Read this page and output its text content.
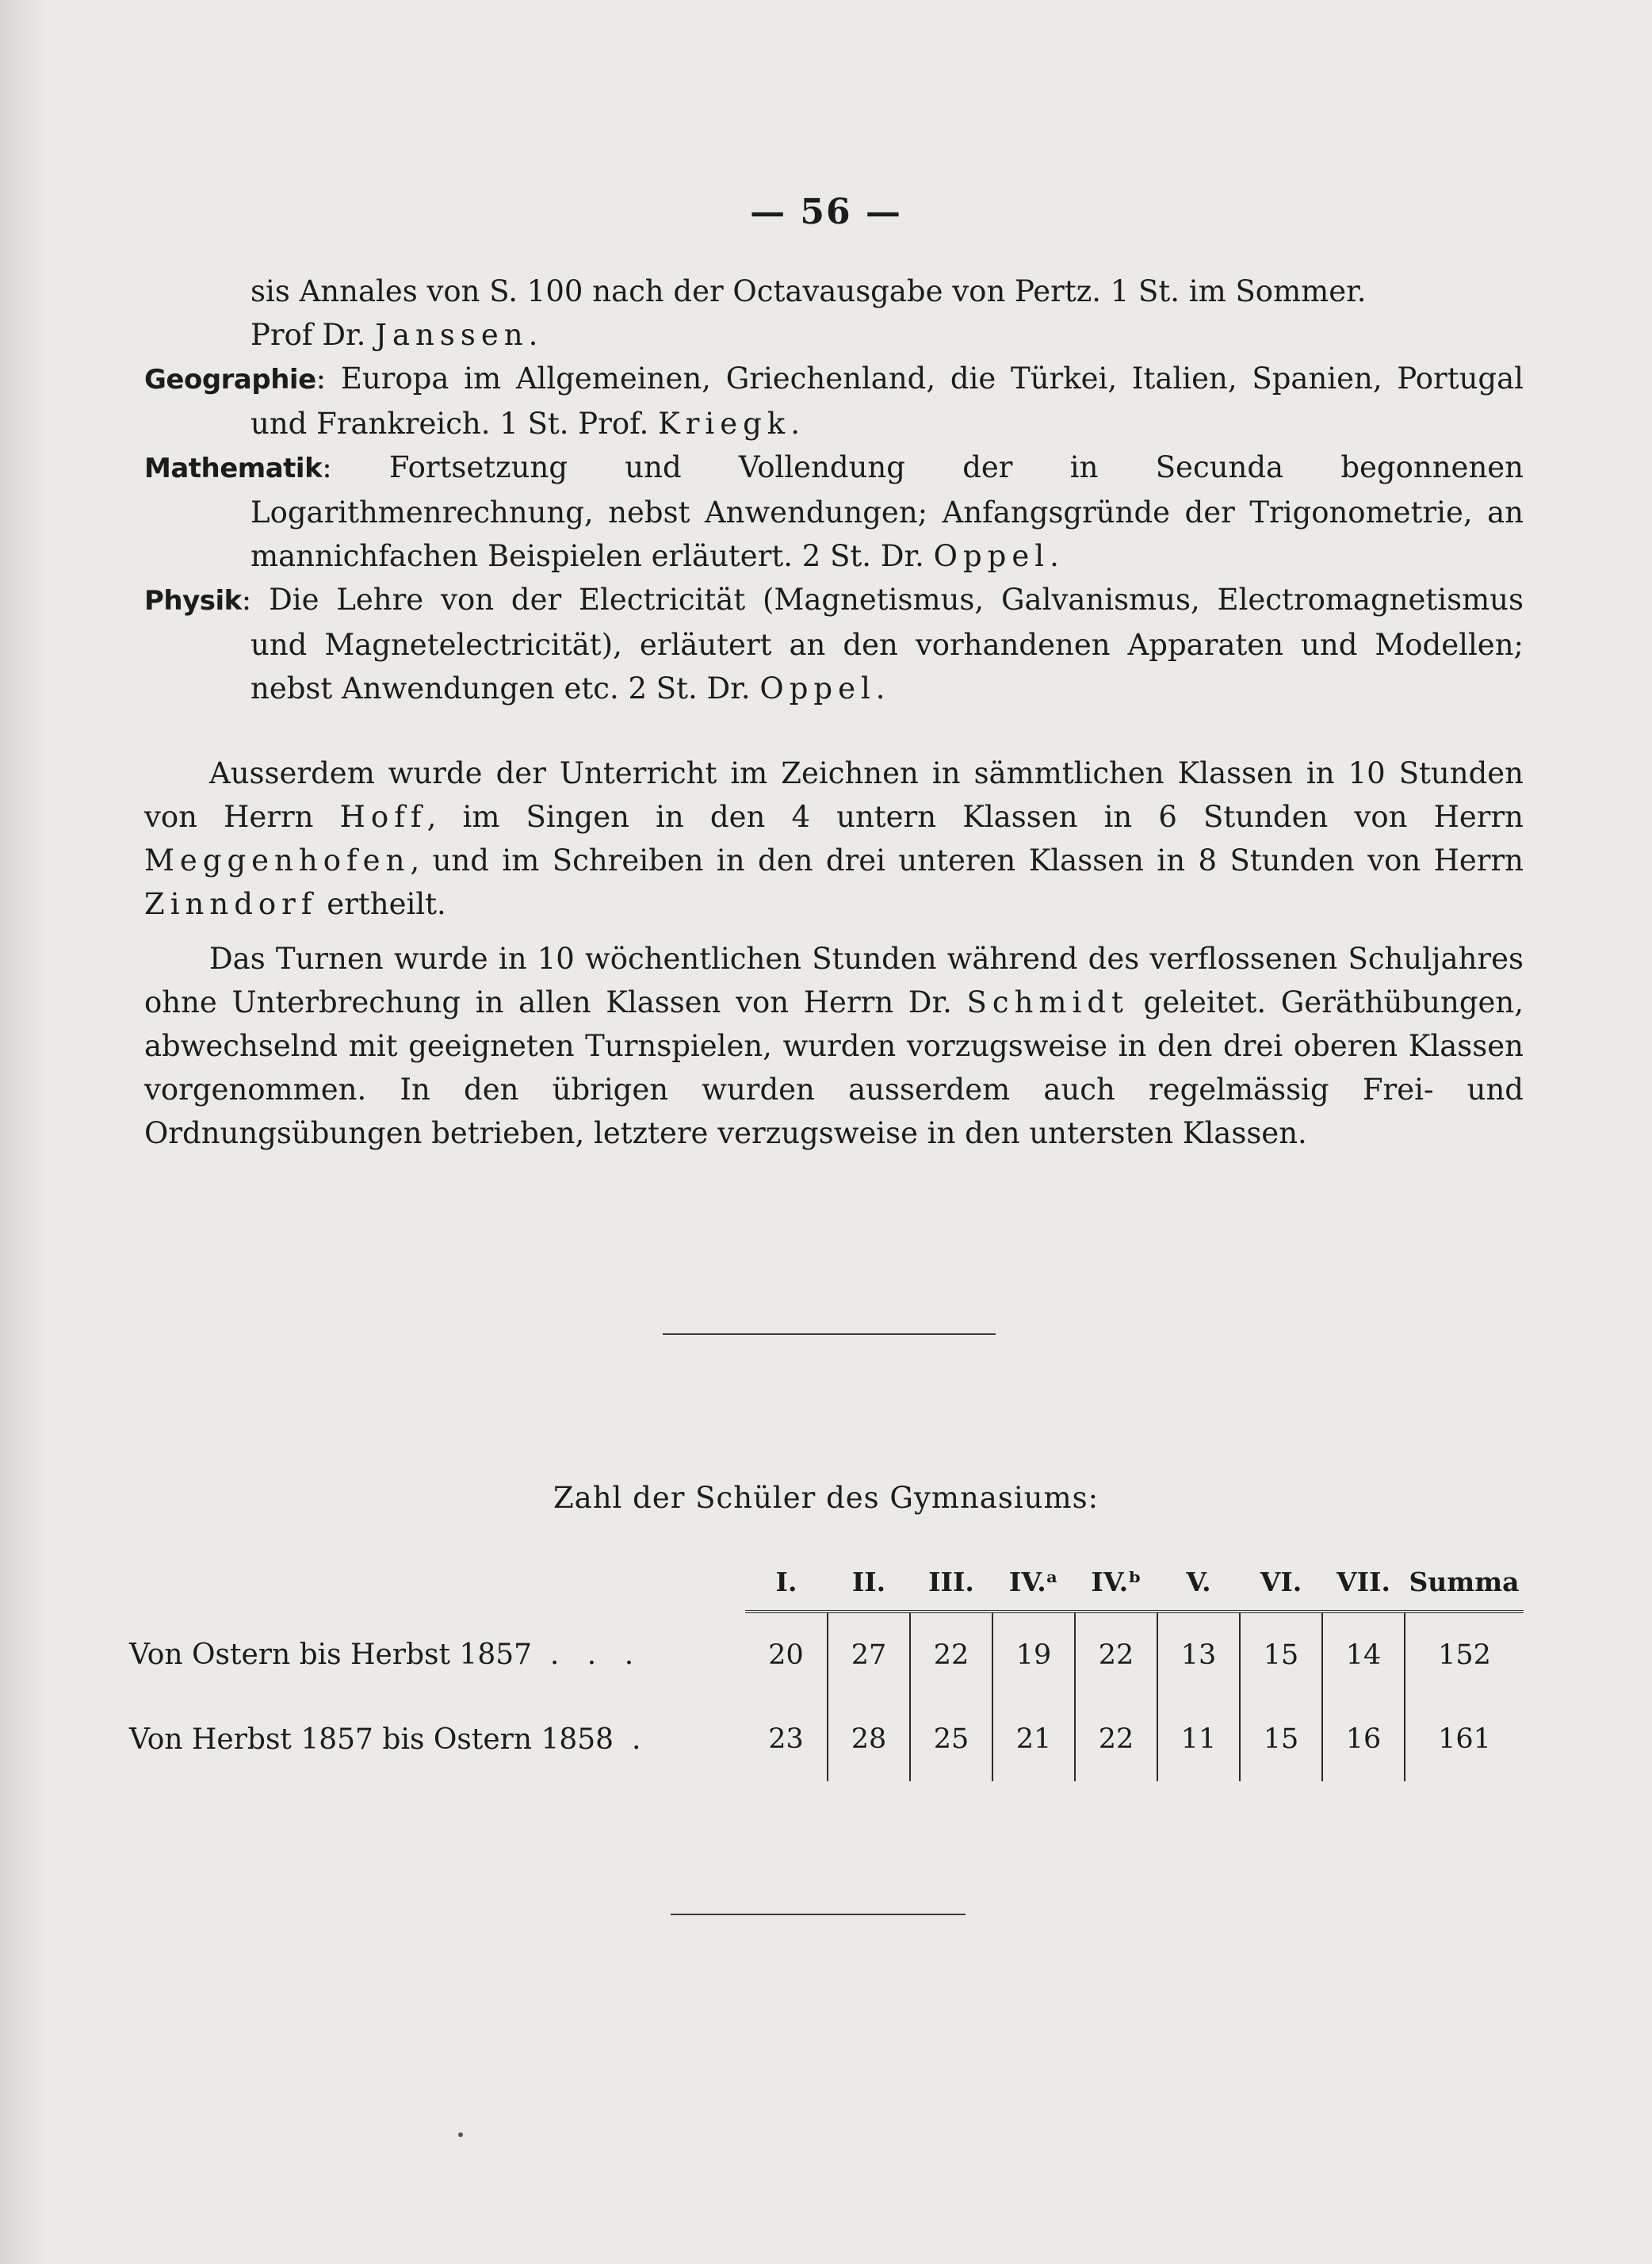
— 56 —

sis Annales von S. 100 nach der Octavausgabe von Pertz. 1 St. im Sommer.
Prof Dr. Janssen.

Geographie: Europa im Allgemeinen, Griechenland, die Türkei, Italien, Spanien, Portugal und Frankreich. 1 St. Prof. Kriegk.

Mathematik: Fortsetzung und Vollendung der in Secunda begonnenen Logarithmenrechnung, nebst Anwendungen; Anfangsgründe der Trigonometrie, an mannichfachen Beispielen erläutert. 2 St. Dr. Oppel.

Physik: Die Lehre von der Electricität (Magnetismus, Galvanismus, Electromagnetismus und Magnetelectricität), erläutert an den vorhandenen Apparaten und Modellen; nebst Anwendungen etc. 2 St. Dr. Oppel.

Ausserdem wurde der Unterricht im Zeichnen in sämmtlichen Klassen in 10 Stunden von Herrn Hoff, im Singen in den 4 untern Klassen in 6 Stunden von Herrn Meggenhofen, und im Schreiben in den drei unteren Klassen in 8 Stunden von Herrn Zinndorf ertheilt.

Das Turnen wurde in 10 wöchentlichen Stunden während des verflossenen Schuljahres ohne Unterbrechung in allen Klassen von Herrn Dr. Schmidt geleitet. Geräthübungen, abwechselnd mit geeigneten Turnspielen, wurden vorzugsweise in den drei oberen Klassen vorgenommen. In den übrigen wurden ausserdem auch regelmässig Frei- und Ordnungsübungen betrieben, letztere verzugsweise in den untersten Klassen.

Zahl der Schüler des Gymnasiums:
	I.	II.	III.	IV.ᵃ	IV.ᵇ	V.	VI.	VII.	Summa
Von Ostern bis Herbst 1857 . . .	20	27	22	19	22	13	15	14	152
Von Herbst 1857 bis Ostern 1858 .	23	28	25	21	22	11	15	16	161
